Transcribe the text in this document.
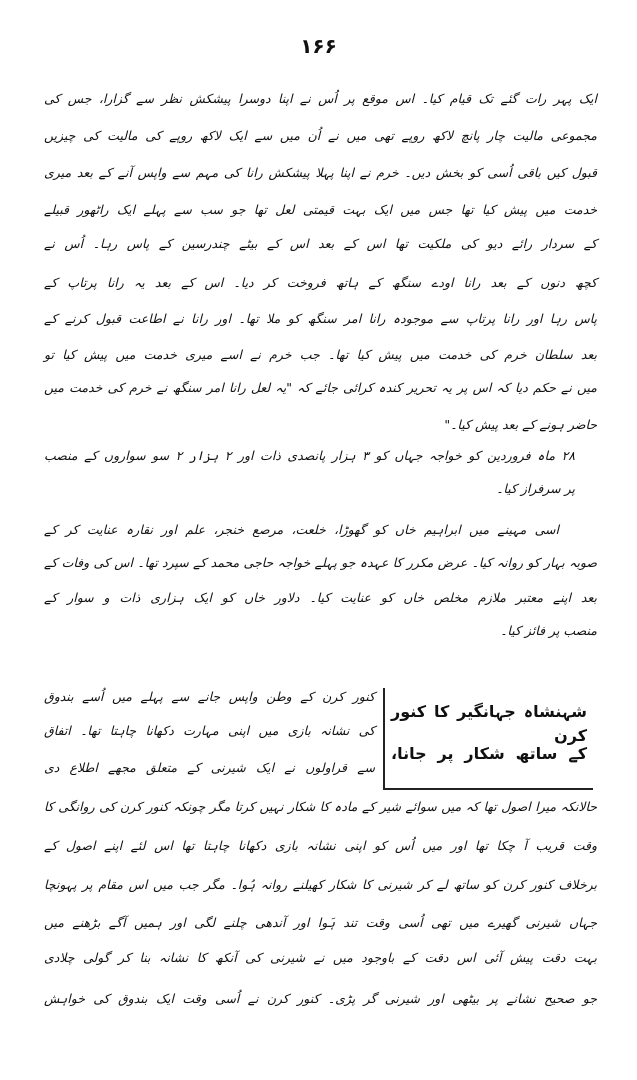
۱۶۶
شہنشاہ جہانگیر کا کنور کرن
کے ساتھ شکار پر جانا،
ایک پہر رات گئے تک قیام کیا۔ اس موقع پر اُس نے اپنا دوسرا پیشکش نظر سے گزارا، جس کی
مجموعی مالیت چار پانچ لاکھ روپے تھی میں نے اُن میں سے ایک لاکھ روپے کی مالیت کی چیزیں
قبول کیں باقی اُسی کو بخش دیں۔ خرم نے اپنا پہلا پیشکش رانا کی مہم سے واپس آنے کے بعد میری
خدمت میں پیش کیا تھا جس میں ایک بہت قیمتی لعل تھا جو سب سے پہلے ایک راٹھور قبیلے
کے سردار رائے دیو کی ملکیت تھا اس کے بعد اس کے بیٹے چندرسین کے پاس رہا۔ اُس نے
کچھ دنوں کے بعد رانا اودے سنگھ کے ہاتھ فروخت کر دیا۔ اس کے بعد یہ رانا پرتاپ کے
پاس رہا اور رانا پرتاپ سے موجودہ رانا امر سنگھ کو ملا تھا۔ اور رانا نے اطاعت قبول کرنے کے
بعد سلطان خرم کی خدمت میں پیش کیا تھا۔ جب خرم نے اسے میری خدمت میں پیش کیا تو
میں نے حکم دیا کہ اس پر یہ تحریر کندہ کرائی جائے کہ "یہ لعل رانا امر سنگھ نے خرم کی خدمت میں
حاضر ہونے کے بعد پیش کیا۔"
۲۸ ماہ فروردین کو خواجہ جہاں کو ۳ ہزار پانصدی ذات اور ۲ ہزار ۲ سو سواروں کے منصب
پر سرفراز کیا۔
اسی مہینے میں ابراہیم خاں کو گھوڑا، خلعت، مرصع خنجر، علم اور نقارہ عنایت کر کے
صوبہ بہار کو روانہ کیا۔ عرض مکرر کا عہدہ جو پہلے خواجہ حاجی محمد کے سپرد تھا۔ اس کی وفات کے
بعد اپنے معتبر ملازم مخلص خاں کو عنایت کیا۔ دلاور خاں کو ایک ہزاری ذات و سوار کے
منصب پر فائز کیا۔
کنور کرن کے وطن واپس جانے سے پہلے میں اُسے بندوق
کی نشانہ بازی میں اپنی مہارت دکھانا چاہتا تھا۔ اتفاق
سے قراولوں نے ایک شیرنی کے متعلق مجھے اطلاع دی
حالانکہ میرا اصول تھا کہ میں سوائے شیر کے مادہ کا شکار نہیں کرتا مگر چونکہ کنور کرن کی روانگی کا
وقت قریب آ چکا تھا اور میں اُس کو اپنی نشانہ بازی دکھانا چاہتا تھا اس لئے اپنے اصول کے
برخلاف کنور کرن کو ساتھ لے کر شیرنی کا شکار کھیلنے روانہ ہُوا۔ مگر جب میں اس مقام پر پہونچا
جہاں شیرنی گھیرے میں تھی اُسی وقت تند ہَوا اور آندھی چلنے لگی اور ہمیں آگے بڑھنے میں
بہت دقت پیش آئی اس دقت کے باوجود میں نے شیرنی کی آنکھ کا نشانہ بنا کر گولی چلادی
جو صحیح نشانے پر بیٹھی اور شیرنی گر پڑی۔ کنور کرن نے اُسی وقت ایک بندوق کی خواہش
